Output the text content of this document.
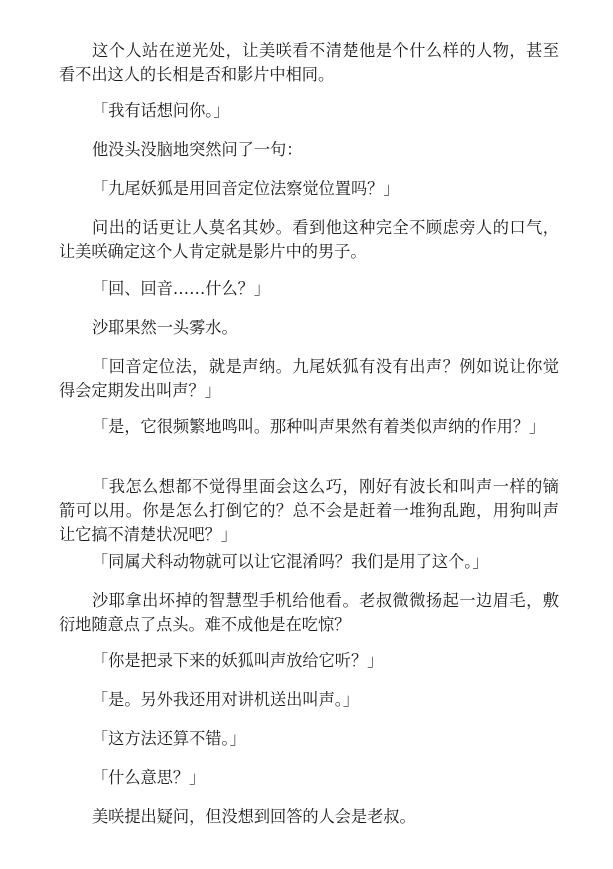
这个人站在逆光处，让美咲看不清楚他是个什么样的人物，甚至看不出这人的长相是否和影片中相同。

「我有话想问你。」

他没头没脑地突然问了一句：

「九尾妖狐是用回音定位法察觉位置吗？」

问出的话更让人莫名其妙。看到他这种完全不顾虑旁人的口气，让美咲确定这个人肯定就是影片中的男子。

「回、回音……什么？」

沙耶果然一头雾水。

「回音定位法，就是声纳。九尾妖狐有没有出声？例如说让你觉得会定期发出叫声？」

「是，它很频繁地鸣叫。那种叫声果然有着类似声纳的作用？」

「我怎么想都不觉得里面会这么巧，刚好有波长和叫声一样的镝箭可以用。你是怎么打倒它的？总不会是赶着一堆狗乱跑，用狗叫声让它搞不清楚状况吧？」

「同属犬科动物就可以让它混淆吗？我们是用了这个。」

沙耶拿出坏掉的智慧型手机给他看。老叔微微扬起一边眉毛，敷衍地随意点了点头。难不成他是在吃惊？

「你是把录下来的妖狐叫声放给它听？」

「是。另外我还用对讲机送出叫声。」

「这方法还算不错。」

「什么意思？」

美咲提出疑问，但没想到回答的人会是老叔。
